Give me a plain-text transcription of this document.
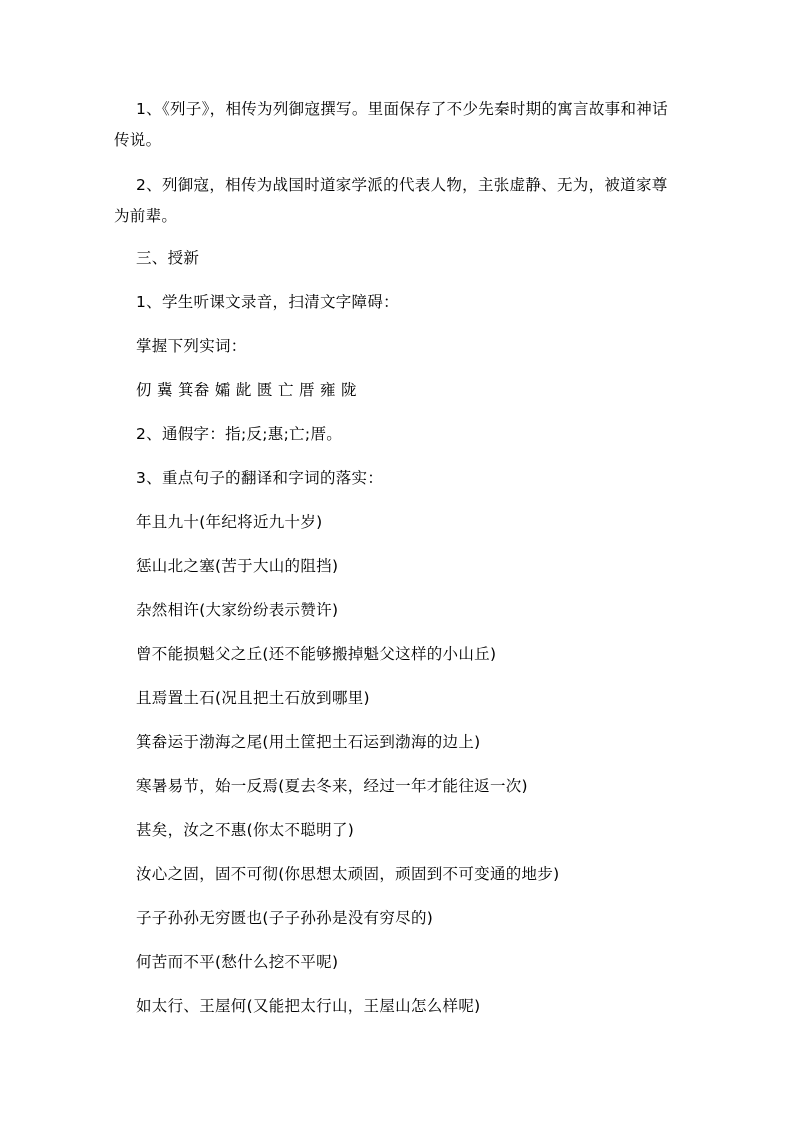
1、《列子》，相传为列御寇撰写。里面保存了不少先秦时期的寓言故事和神话传说。

2、列御寇，相传为战国时道家学派的代表人物，主张虚静、无为，被道家尊为前辈。

三、授新

1、学生听课文录音，扫清文字障碍：

掌握下列实词：

仞 冀 箕畚 孀 龀 匮 亡 厝 雍 陇

2、通假字：指;反;惠;亡;厝。

3、重点句子的翻译和字词的落实：

年且九十(年纪将近九十岁)

惩山北之塞(苦于大山的阻挡)

杂然相许(大家纷纷表示赞许)

曾不能损魁父之丘(还不能够搬掉魁父这样的小山丘)

且焉置土石(况且把土石放到哪里)

箕畚运于渤海之尾(用土筐把土石运到渤海的边上)

寒暑易节，始一反焉(夏去冬来，经过一年才能往返一次)

甚矣，汝之不惠(你太不聪明了)

汝心之固，固不可彻(你思想太顽固，顽固到不可变通的地步)

子子孙孙无穷匮也(子子孙孙是没有穷尽的)

何苦而不平(愁什么挖不平呢)

如太行、王屋何(又能把太行山，王屋山怎么样呢)
